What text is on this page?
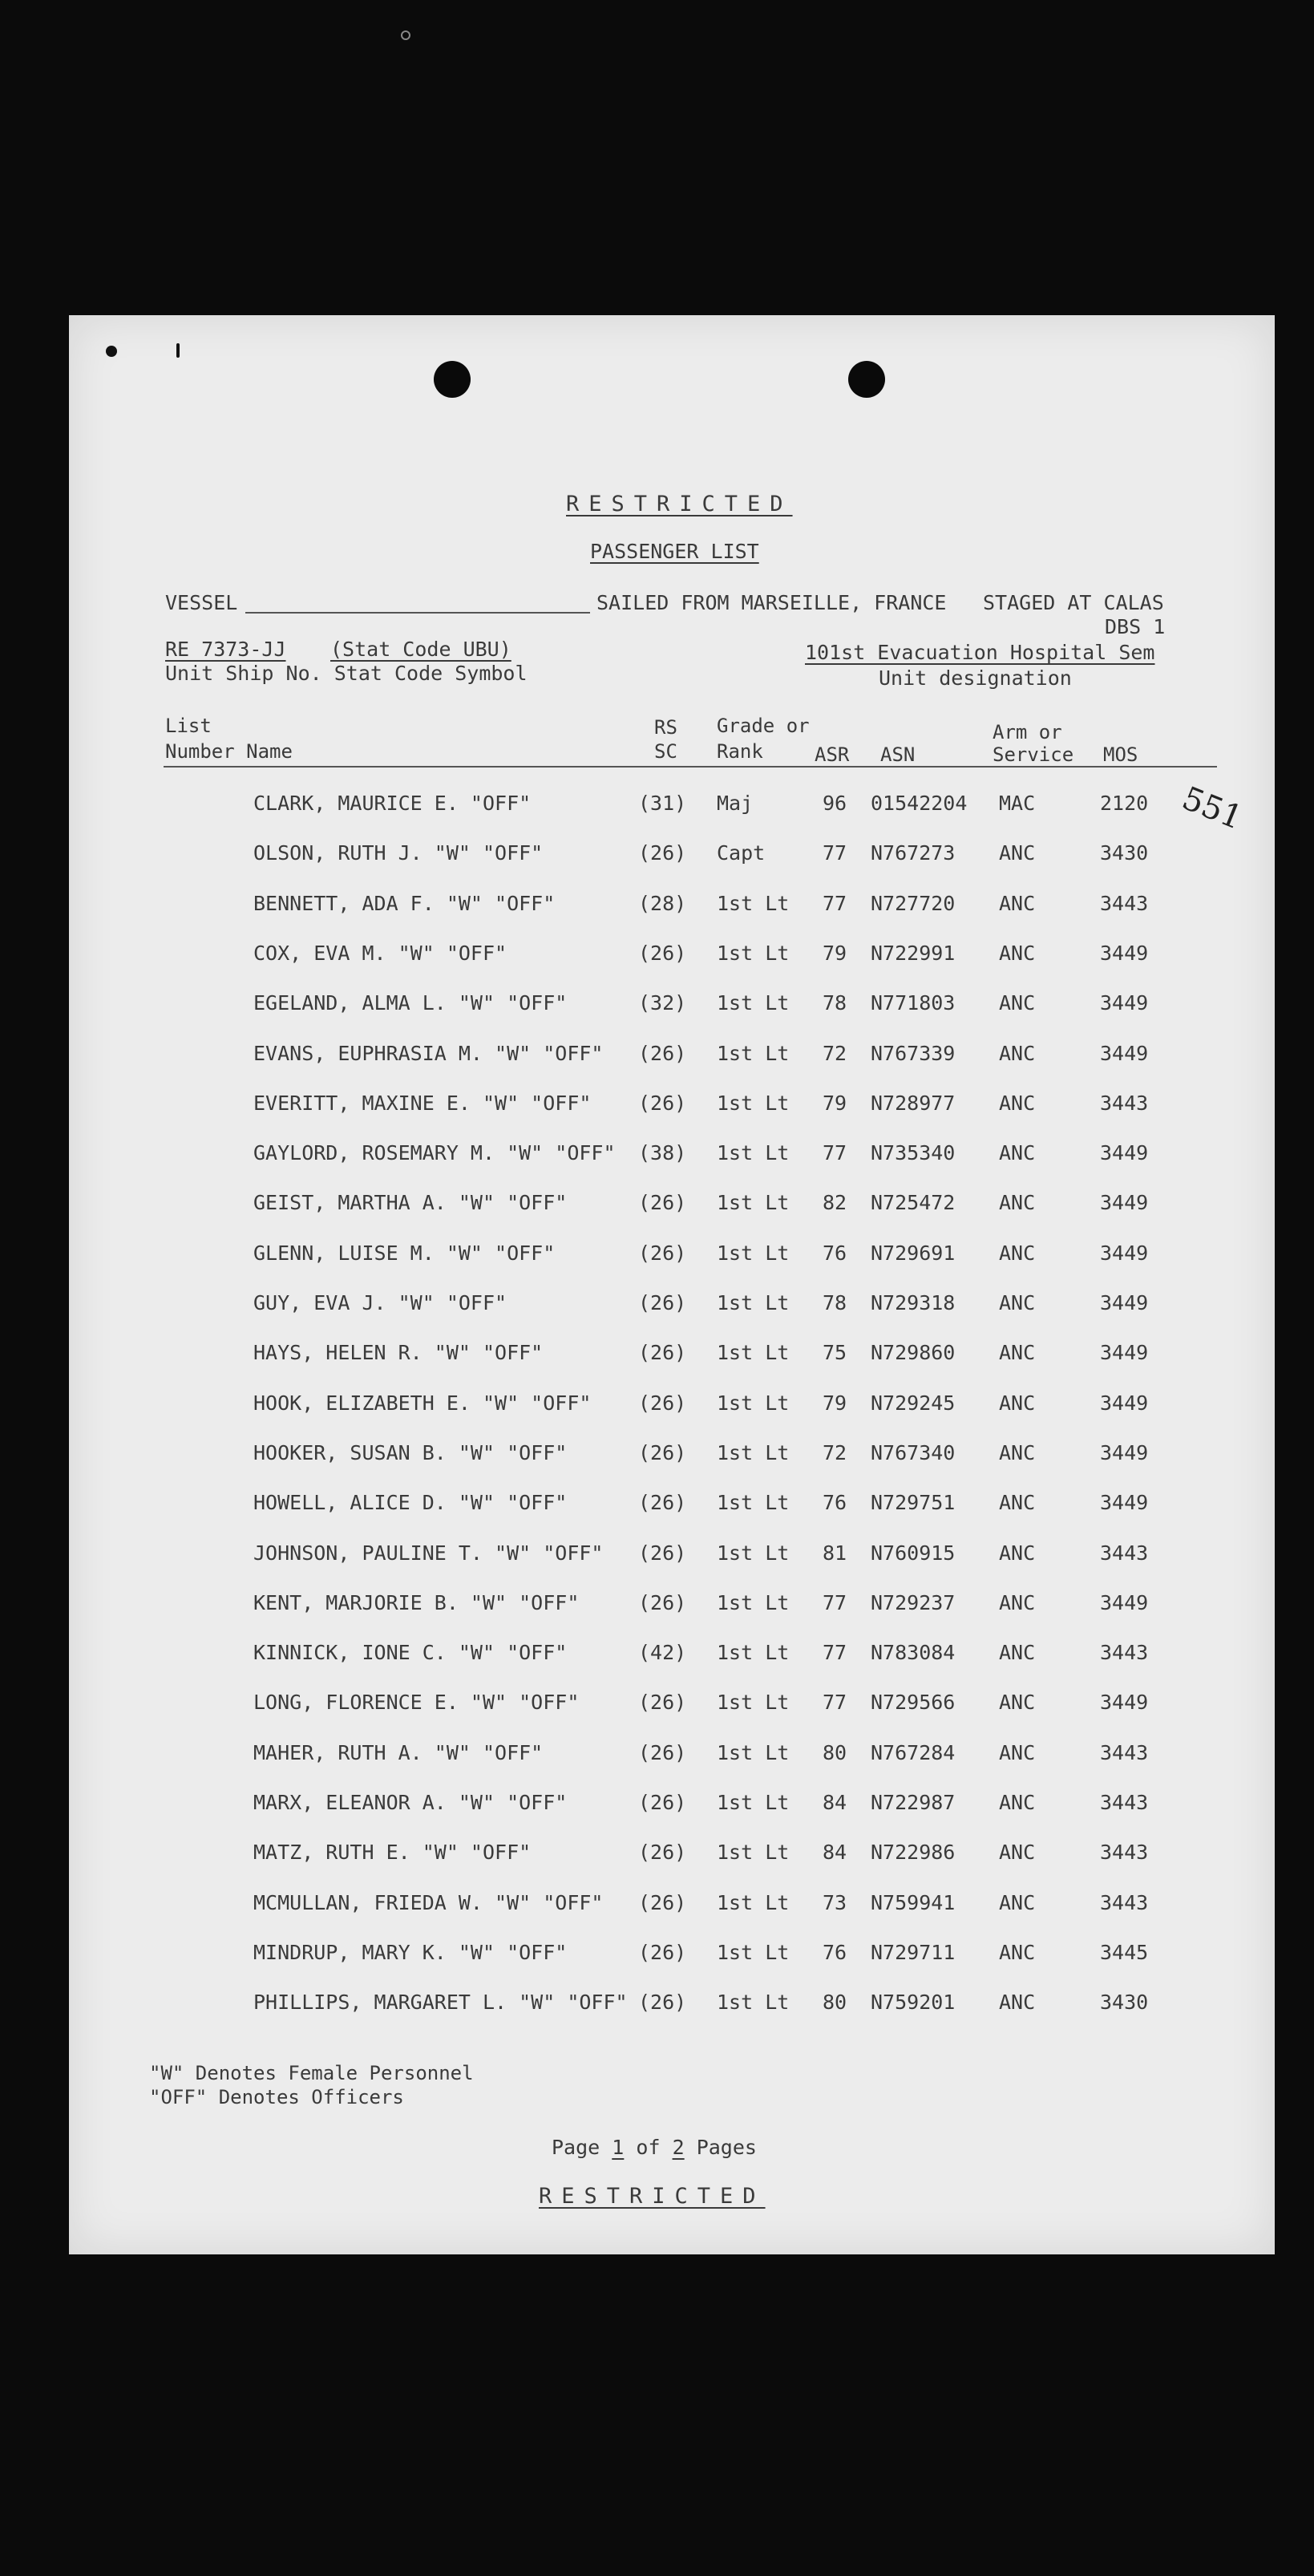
RESTRICTED
PASSENGER LIST
VESSEL	SAILED FROM MARSEILLE, FRANCE STAGED AT CALAS
DBS 1
RE 7373-JJ (Stat Code UBU)
Unit Ship No. Stat Code Symbol
101st Evacuation Hospital Sem
Unit designation
List
Number Name
RS
SC
Grade or
Rank	ASR ASN
Arm or
Service MOS
551
CLARK, MAURICE E. "OFF"	(31) Maj	96 01542204 MAC	2120
OLSON, RUTH J. "W" "OFF"	(26) Capt	77 N767273 ANC	3430
BENNETT, ADA F. "W" "OFF"	(28) 1st Lt 77 N727720 ANC	3443
COX, EVA M. "W" "OFF"	(26) 1st Lt 79 N722991 ANC	3449
EGELAND, ALMA L. "W" "OFF"	(32) 1st Lt 78 N771803 ANC	3449
EVANS, EUPHRASIA M. "W" "OFF" (26) 1st Lt 72 N767339 ANC	3449
EVERITT, MAXINE E. "W" "OFF" (26) 1st Lt 79 N728977 ANC	3443
GAYLORD, ROSEMARY M. "W" "OFF" (38) 1st Lt 77 N735340 ANC	3449
GEIST, MARTHA A. "W" "OFF"	(26) 1st Lt 82 N725472 ANC	3449
GLENN, LUISE M. "W" "OFF"	(26) 1st Lt 76 N729691 ANC	3449
GUY, EVA J. "W" "OFF"	(26) 1st Lt 78 N729318 ANC	3449
HAYS, HELEN R. "W" "OFF"	(26) 1st Lt 75 N729860 ANC	3449
HOOK, ELIZABETH E. "W" "OFF" (26) 1st Lt 79 N729245 ANC	3449
HOOKER, SUSAN B. "W" "OFF"	(26) 1st Lt 72 N767340 ANC	3449
HOWELL, ALICE D. "W" "OFF"	(26) 1st Lt 76 N729751 ANC	3449
JOHNSON, PAULINE T. "W" "OFF" (26) 1st Lt 81 N760915 ANC	3443
KENT, MARJORIE B. "W" "OFF"	(26) 1st Lt 77 N729237 ANC	3449
KINNICK, IONE C. "W" "OFF"	(42) 1st Lt 77 N783084 ANC	3443
LONG, FLORENCE E. "W" "OFF"	(26) 1st Lt 77 N729566 ANC	3449
MAHER, RUTH A. "W" "OFF"	(26) 1st Lt 80 N767284 ANC	3443
MARX, ELEANOR A. "W" "OFF"	(26) 1st Lt 84 N722987 ANC	3443
MATZ, RUTH E. "W" "OFF"	(26) 1st Lt 84 N722986 ANC	3443
MCMULLAN, FRIEDA W. "W" "OFF" (26) 1st Lt 73 N759941 ANC	3443
MINDRUP, MARY K. "W" "OFF"	(26) 1st Lt 76 N729711 ANC	3445
PHILLIPS, MARGARET L. "W" "OFF" (26) 1st Lt 80 N759201 ANC	3430
"W" Denotes Female Personnel
"OFF" Denotes Officers
Page 1 of 2 Pages
RESTRICTED
